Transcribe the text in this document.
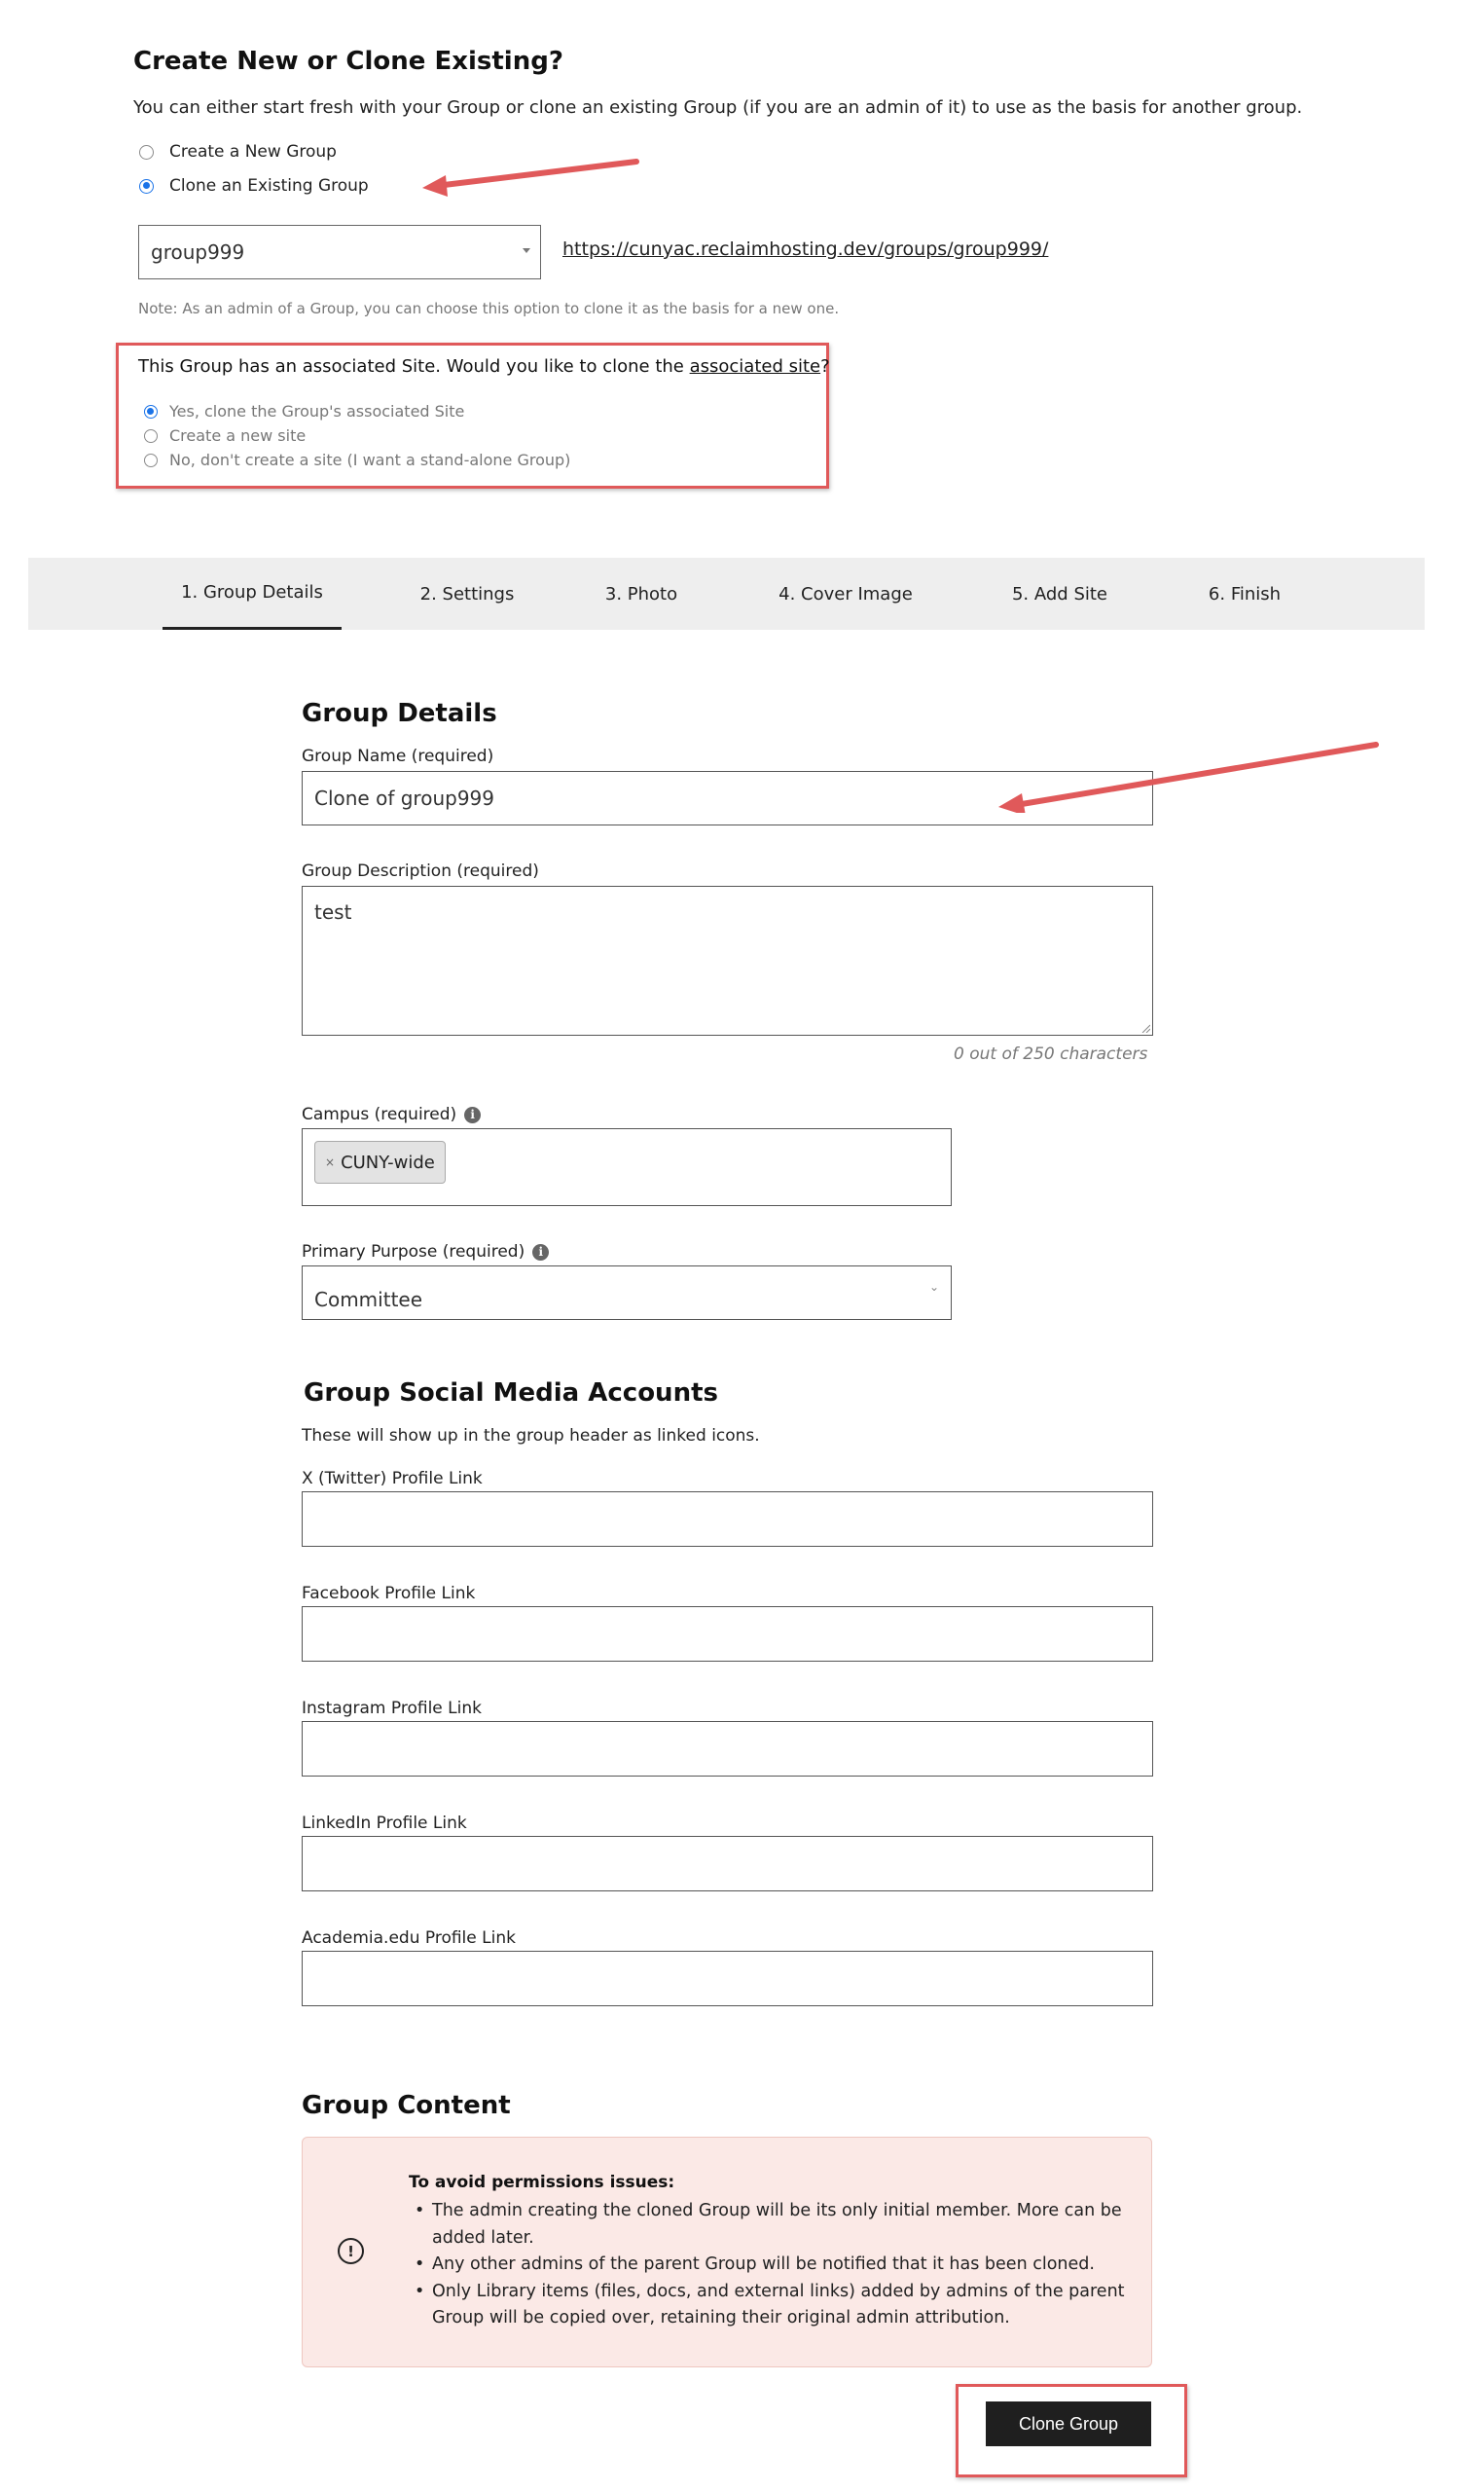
Create New or Clone Existing?
You can either start fresh with your Group or clone an existing Group (if you are an admin of it) to use as the basis for another group.
Create a New Group
Clone an Existing Group
group999	https://cunyac.reclaimhosting.dev/groups/group999/
Note: As an admin of a Group, you can choose this option to clone it as the basis for a new one.
This Group has an associated Site. Would you like to clone the associated site?
Yes, clone the Group's associated Site
Create a new site
No, don't create a site (I want a stand-alone Group)
1. Group Details	2. Settings	3. Photo	4. Cover Image	5. Add Site	6. Finish
Group Details
Group Name (required)
Clone of group999
Group Description (required)
test
0 out of 250 characters
Campus (required)	i
× CUNY-wide
Primary Purpose (required)	i
Committee
⌄
Group Social Media Accounts
These will show up in the group header as linked icons.
X (Twitter) Profile Link
Facebook Profile Link
Instagram Profile Link
LinkedIn Profile Link
Academia.edu Profile Link
Group Content
!
To avoid permissions issues:
• The admin creating the cloned Group will be its only initial member. More can be added later.
• Any other admins of the parent Group will be notified that it has been cloned.
• Only Library items (files, docs, and external links) added by admins of the parent Group will be copied over, retaining their original admin attribution.
Clone Group
